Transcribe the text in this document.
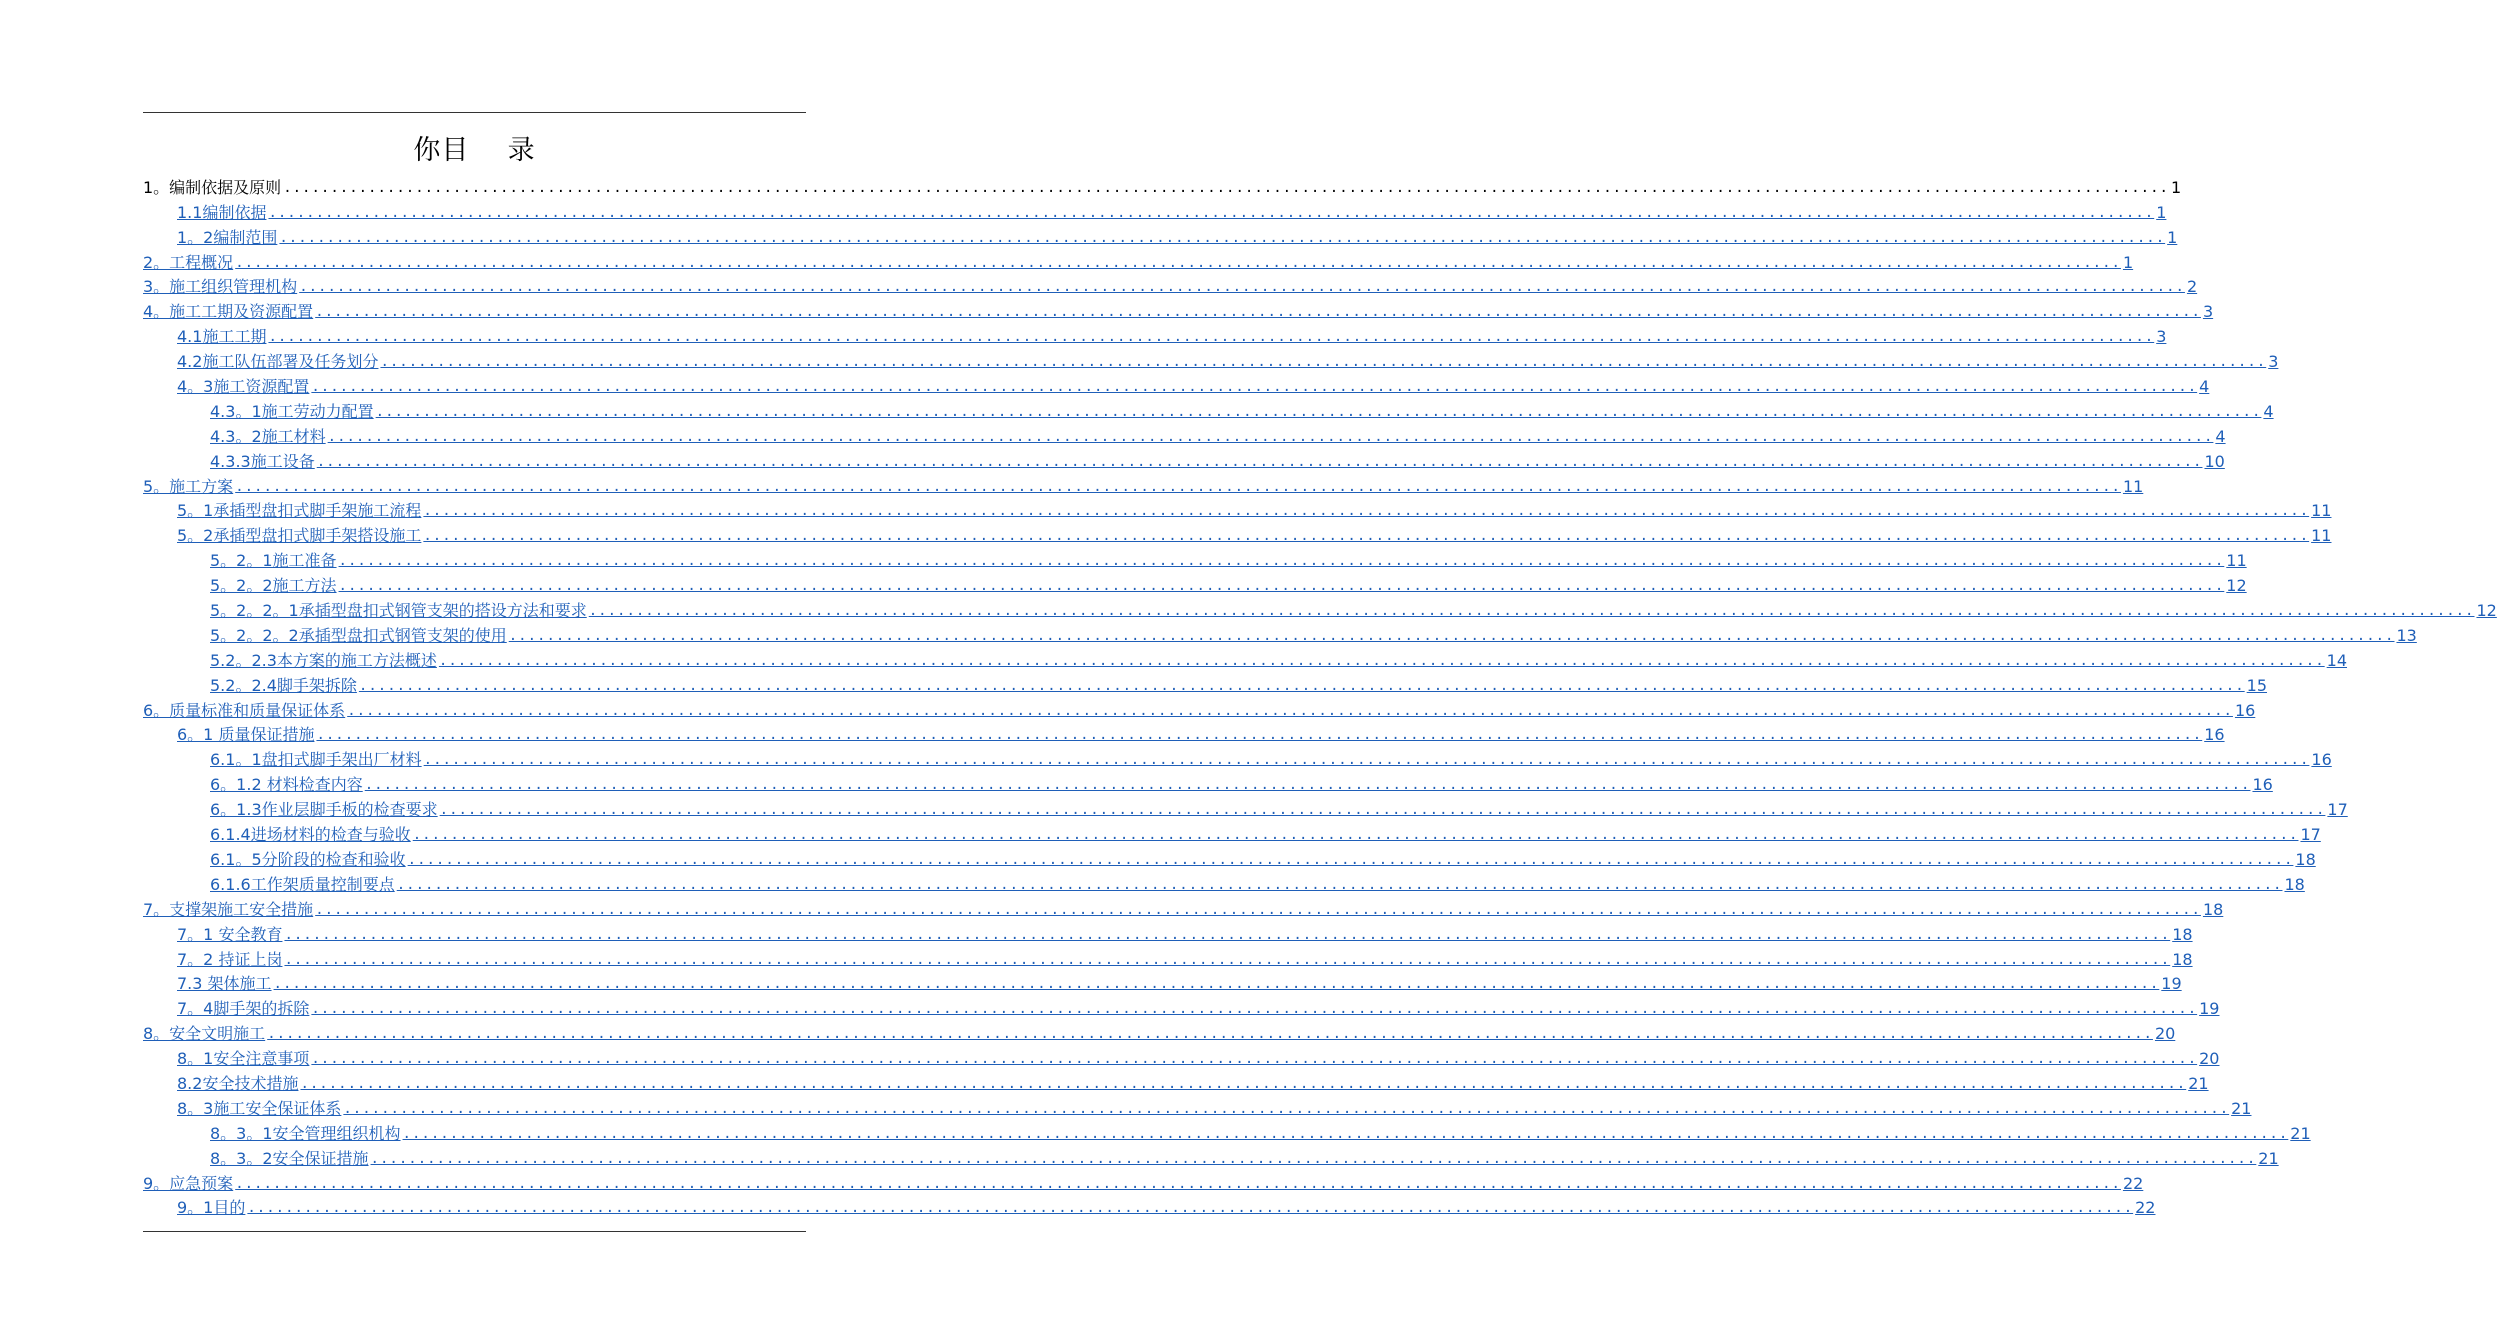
你目    录
1。编制依据及原则 ........................................................................................................................................................................................................ 1
1.1编制依据 ........................................................................................................................................................................................................ 1
1。2编制范围 ........................................................................................................................................................................................................ 1
2。工程概况 ........................................................................................................................................................................................................ 1
3。施工组织管理机构 ........................................................................................................................................................................................................ 2
4。施工工期及资源配置 ........................................................................................................................................................................................................ 3
4.1施工工期 ........................................................................................................................................................................................................ 3
4.2施工队伍部署及任务划分 ........................................................................................................................................................................................................ 3
4。3施工资源配置 ........................................................................................................................................................................................................ 4
4.3。1施工劳动力配置 ........................................................................................................................................................................................................ 4
4.3。2施工材料 ........................................................................................................................................................................................................ 4
4.3.3施工设备 ........................................................................................................................................................................................................ 10
5。施工方案 ........................................................................................................................................................................................................ 11
5。1承插型盘扣式脚手架施工流程 ........................................................................................................................................................................................................ 11
5。2承插型盘扣式脚手架搭设施工 ........................................................................................................................................................................................................ 11
5。2。1施工准备 ........................................................................................................................................................................................................ 11
5。2。2施工方法 ........................................................................................................................................................................................................ 12
5。2。2。1承插型盘扣式钢管支架的搭设方法和要求 ........................................................................................................................................................................................................ 12
5。2。2。2承插型盘扣式钢管支架的使用 ........................................................................................................................................................................................................ 13
5.2。2.3本方案的施工方法概述 ........................................................................................................................................................................................................ 14
5.2。2.4脚手架拆除 ........................................................................................................................................................................................................ 15
6。质量标准和质量保证体系 ........................................................................................................................................................................................................ 16
6。1 质量保证措施 ........................................................................................................................................................................................................ 16
6.1。1盘扣式脚手架出厂材料 ........................................................................................................................................................................................................ 16
6。1.2 材料检查内容 ........................................................................................................................................................................................................ 16
6。1.3作业层脚手板的检查要求 ........................................................................................................................................................................................................ 17
6.1.4进场材料的检查与验收 ........................................................................................................................................................................................................ 17
6.1。5分阶段的检查和验收 ........................................................................................................................................................................................................ 18
6.1.6工作架质量控制要点 ........................................................................................................................................................................................................ 18
7。支撑架施工安全措施 ........................................................................................................................................................................................................ 18
7。1 安全教育 ........................................................................................................................................................................................................ 18
7。2 持证上岗 ........................................................................................................................................................................................................ 18
7.3 架体施工 ........................................................................................................................................................................................................ 19
7。4脚手架的拆除 ........................................................................................................................................................................................................ 19
8。安全文明施工 ........................................................................................................................................................................................................ 20
8。1安全注意事项 ........................................................................................................................................................................................................ 20
8.2安全技术措施 ........................................................................................................................................................................................................ 21
8。3施工安全保证体系 ........................................................................................................................................................................................................ 21
8。3。1安全管理组织机构 ........................................................................................................................................................................................................ 21
8。3。2安全保证措施 ........................................................................................................................................................................................................ 21
9。应急预案 ........................................................................................................................................................................................................ 22
9。1目的 ........................................................................................................................................................................................................ 22
